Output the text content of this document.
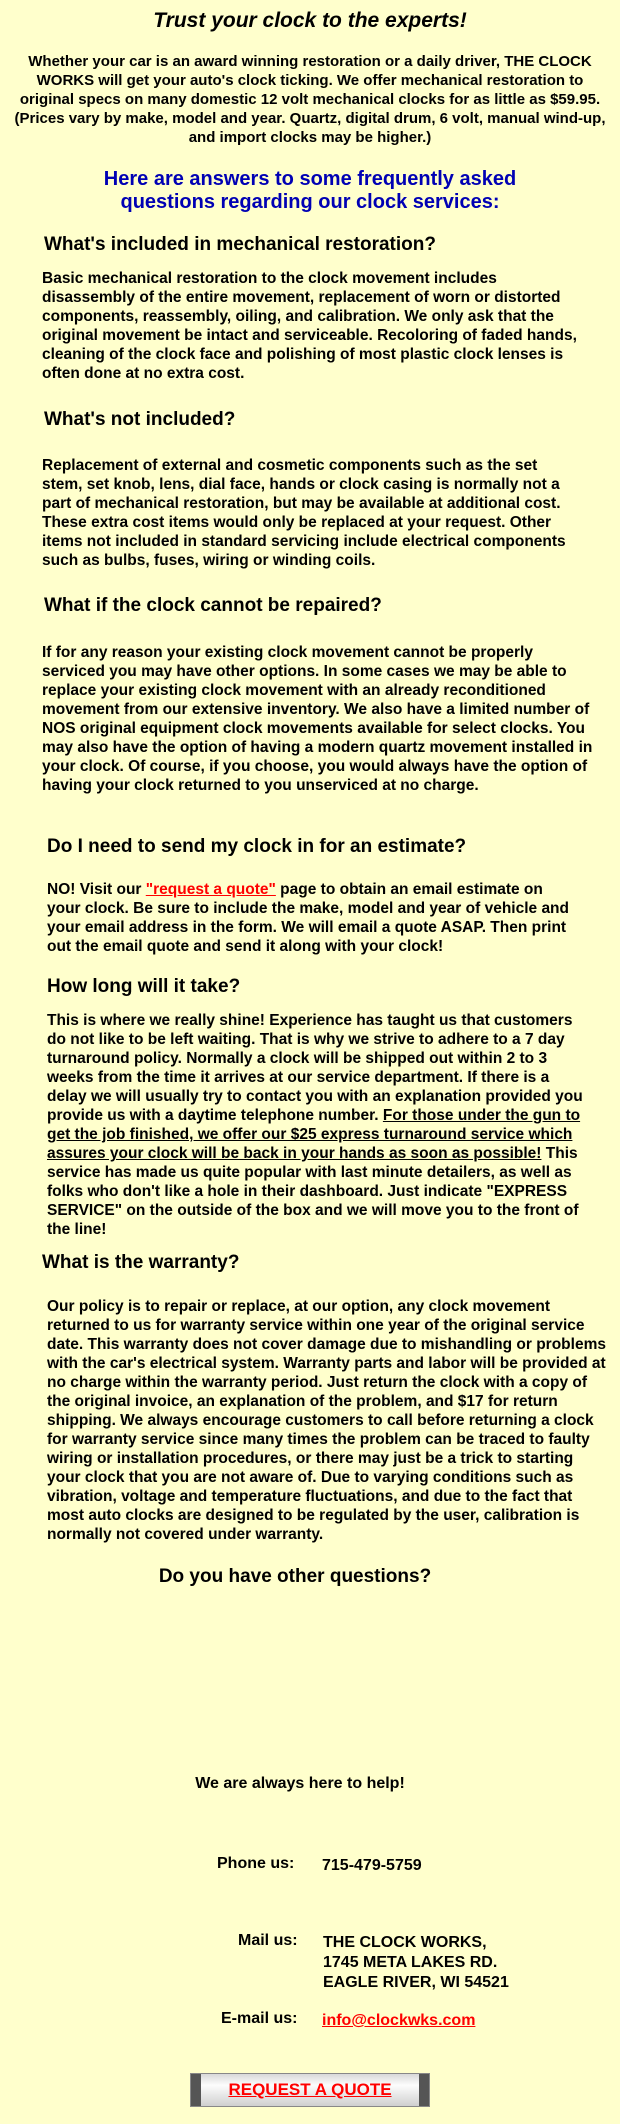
Trust your clock to the experts!
Whether your car is an award winning restoration or a daily driver, THE CLOCK WORKS will get your auto's clock ticking. We offer mechanical restoration to original specs on many domestic 12 volt mechanical clocks for as little as $59.95. (Prices vary by make, model and year. Quartz, digital drum, 6 volt, manual wind-up, and import clocks may be higher.)
Here are answers to some frequently asked questions regarding our clock services:
What's included in mechanical restoration?
Basic mechanical restoration to the clock movement includes disassembly of the entire movement, replacement of worn or distorted components, reassembly, oiling, and calibration. We only ask that the original movement be intact and serviceable. Recoloring of faded hands, cleaning of the clock face and polishing of most plastic clock lenses is often done at no extra cost.
What's not included?
Replacement of external and cosmetic components such as the set stem, set knob, lens, dial face, hands or clock casing is normally not a part of mechanical restoration, but may be available at additional cost. These extra cost items would only be replaced at your request. Other items not included in standard servicing include electrical components such as bulbs, fuses, wiring or winding coils.
What if the clock cannot be repaired?
If for any reason your existing clock movement cannot be properly serviced you may have other options. In some cases we may be able to replace your existing clock movement with an already reconditioned movement from our extensive inventory. We also have a limited number of NOS original equipment clock movements available for select clocks. You may also have the option of having a modern quartz movement installed in your clock. Of course, if you choose, you would always have the option of having your clock returned to you unserviced at no charge.
Do I need to send my clock in for an estimate?
NO! Visit our "request a quote" page to obtain an email estimate on your clock. Be sure to include the make, model and year of vehicle and your email address in the form. We will email a quote ASAP. Then print out the email quote and send it along with your clock!
How long will it take?
This is where we really shine! Experience has taught us that customers do not like to be left waiting. That is why we strive to adhere to a 7 day turnaround policy. Normally a clock will be shipped out within 2 to 3 weeks from the time it arrives at our service department. If there is a delay we will usually try to contact you with an explanation provided you provide us with a daytime telephone number. For those under the gun to get the job finished, we offer our $25 express turnaround service which assures your clock will be back in your hands as soon as possible! This service has made us quite popular with last minute detailers, as well as folks who don't like a hole in their dashboard. Just indicate "EXPRESS SERVICE" on the outside of the box and we will move you to the front of the line!
What is the warranty?
Our policy is to repair or replace, at our option, any clock movement returned to us for warranty service within one year of the original service date. This warranty does not cover damage due to mishandling or problems with the car's electrical system. Warranty parts and labor will be provided at no charge within the warranty period. Just return the clock with a copy of the original invoice, an explanation of the problem, and $17 for return shipping. We always encourage customers to call before returning a clock for warranty service since many times the problem can be traced to faulty wiring or installation procedures, or there may just be a trick to starting your clock that you are not aware of. Due to varying conditions such as vibration, voltage and temperature fluctuations, and due to the fact that most auto clocks are designed to be regulated by the user, calibration is normally not covered under warranty.
Do you have other questions?
We are always here to help!
Phone us: 715-479-5759
Mail us: THE CLOCK WORKS,
1745 META LAKES RD.
EAGLE RIVER, WI 54521
E-mail us: info@clockwks.com
REQUEST A QUOTE
